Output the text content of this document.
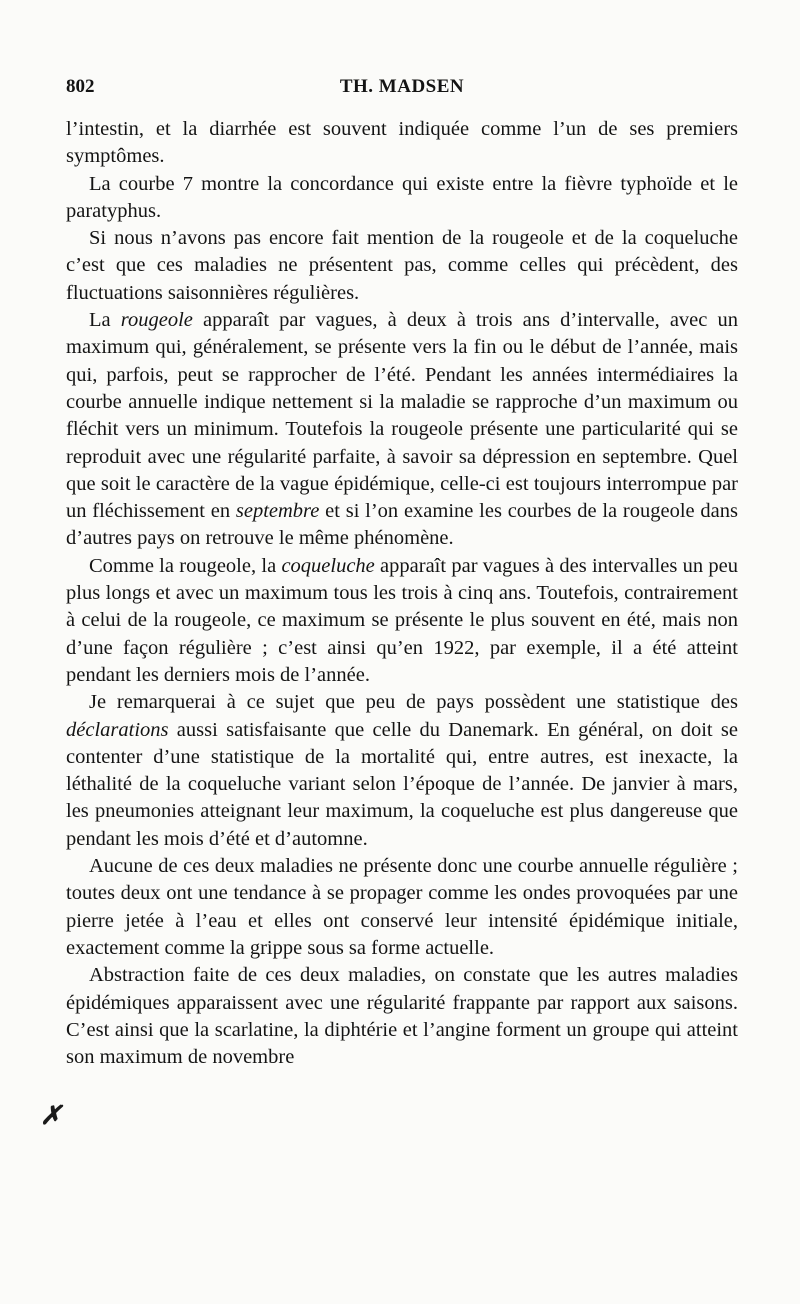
802	TH. MADSEN

l’intestin, et la diarrhée est souvent indiquée comme l’un de ses premiers symptômes.

La courbe 7 montre la concordance qui existe entre la fièvre typhoïde et le paratyphus.

Si nous n’avons pas encore fait mention de la rougeole et de la coqueluche c’est que ces maladies ne présentent pas, comme celles qui précèdent, des fluctuations saisonnières régulières.

La rougeole apparaît par vagues, à deux à trois ans d’intervalle, avec un maximum qui, généralement, se présente vers la fin ou le début de l’année, mais qui, parfois, peut se rapprocher de l’été. Pendant les années intermédiaires la courbe annuelle indique nettement si la maladie se rapproche d’un maximum ou fléchit vers un minimum. Toutefois la rougeole présente une particularité qui se reproduit avec une régularité parfaite, à savoir sa dépression en septembre. Quel que soit le caractère de la vague épidémique, celle-ci est toujours interrompue par un fléchissement en septembre et si l’on examine les courbes de la rougeole dans d’autres pays on retrouve le même phénomène.

Comme la rougeole, la coqueluche apparaît par vagues à des intervalles un peu plus longs et avec un maximum tous les trois à cinq ans. Toutefois, contrairement à celui de la rougeole, ce maximum se présente le plus souvent en été, mais non d’une façon régulière ; c’est ainsi qu’en 1922, par exemple, il a été atteint pendant les derniers mois de l’année.

Je remarquerai à ce sujet que peu de pays possèdent une statistique des déclarations aussi satisfaisante que celle du Danemark. En général, on doit se contenter d’une statistique de la mortalité qui, entre autres, est inexacte, la léthalité de la coqueluche variant selon l’époque de l’année. De janvier à mars, les pneumonies atteignant leur maximum, la coqueluche est plus dangereuse que pendant les mois d’été et d’automne.

Aucune de ces deux maladies ne présente donc une courbe annuelle régulière ; toutes deux ont une tendance à se propager comme les ondes provoquées par une pierre jetée à l’eau et elles ont conservé leur intensité épidémique initiale, exactement comme la grippe sous sa forme actuelle.

Abstraction faite de ces deux maladies, on constate que les autres maladies épidémiques apparaissent avec une régularité frappante par rapport aux saisons. C’est ainsi que la scarlatine, la diphtérie et l’angine forment un groupe qui atteint son maximum de novembre

✗
